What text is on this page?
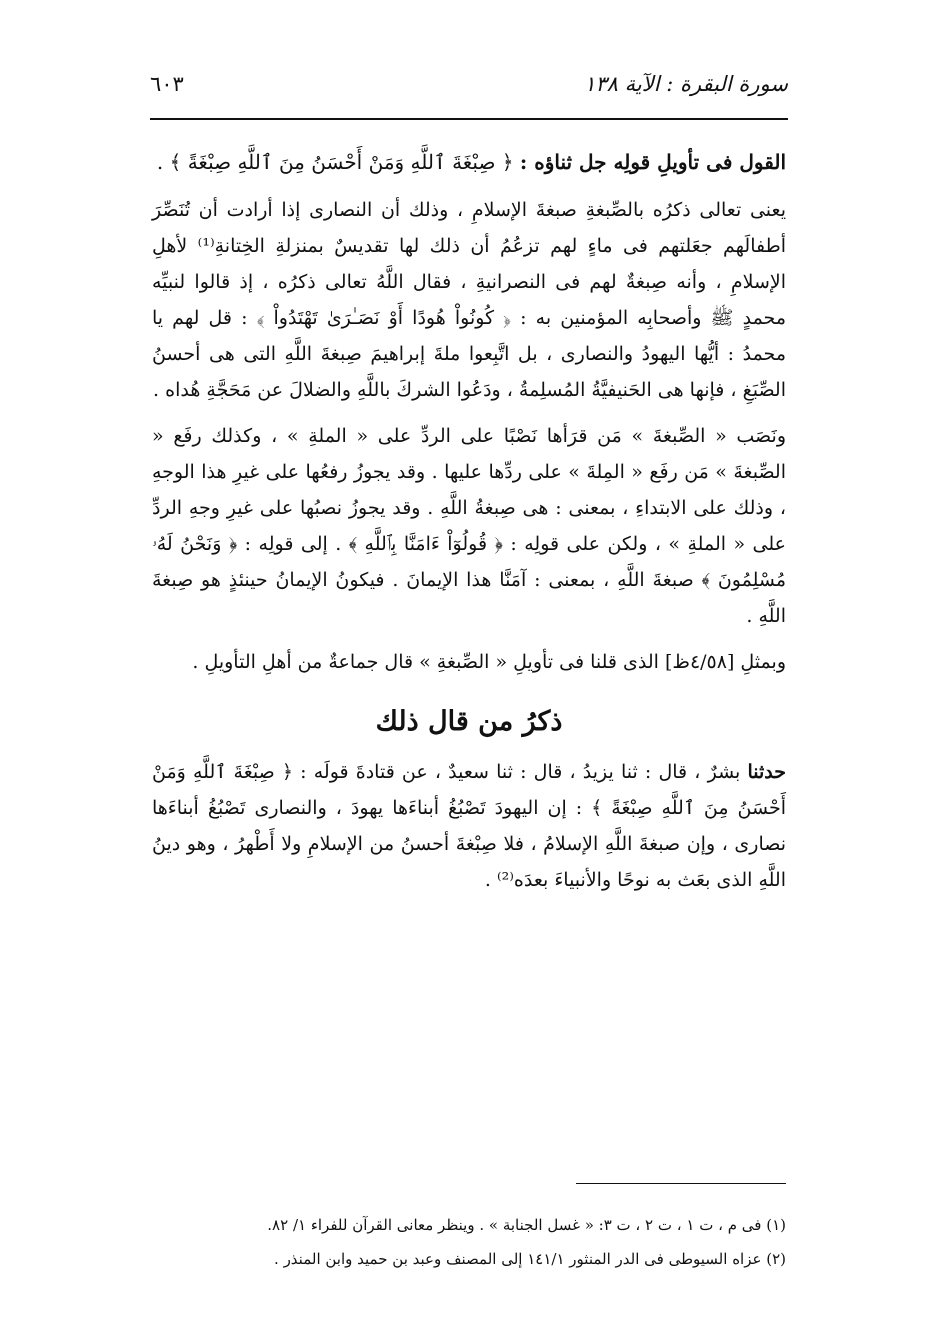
سورة البقرة : الآية ١٣٨
٦٠٣

القول فى تأويلِ قولِه جل ثناؤه : ﴿ صِبْغَةَ ٱللَّهِ وَمَنْ أَحْسَنُ مِنَ ٱللَّهِ صِبْغَةً ﴾ .

يعنى تعالى ذكرُه بالصِّبغةِ صبغةَ الإسلامِ ، وذلك أن النصارى إذا أرادت أن تُنَصِّرَ أطفالَهم جعَلتهم فى ماءٍ لهم تزعُمُ أن ذلك لها تقديسٌ بمنزلةِ الخِتانةِ⁽¹⁾ لأهلِ الإسلامِ ، وأنه صِبغةٌ لهم فى النصرانيةِ ، فقال اللَّهُ تعالى ذكرُه ، إذ قالوا لنبيِّه محمدٍ ﷺ وأصحابِه المؤمنين به : ﴿ كُونُواْ هُودًا أَوْ نَصَـٰرَىٰ تَهْتَدُواْ ﴾ : قل لهم يا محمدُ : أيُّها اليهودُ والنصارى ، بل اتَّبِعوا ملةَ إبراهيمَ صِبغةَ اللَّهِ التى هى أحسنُ الصِّبَغِ ، فإنها هى الحَنيفيَّةُ المُسلِمةُ ، ودَعُوا الشركَ باللَّهِ والضلالَ عن مَحَجَّةِ هُداه .

ونَصَب « الصِّبغةَ » مَن قرَأها نَصْبًا على الردِّ على « الملةِ » ، وكذلك رفَع « الصِّبغةَ » مَن رفَع « المِلةَ » على ردِّها عليها . وقد يجوزُ رفعُها على غيرِ هذا الوجهِ ، وذلك على الابتداءِ ، بمعنى : هى صِبغةُ اللَّهِ . وقد يجوزُ نصبُها على غيرِ وجهِ الردِّ على « الملةِ » ، ولكن على قولِه : ﴿ قُولُوٓاْ ءَامَنَّا بِٱللَّهِ ﴾ . إلى قولِه : ﴿ وَنَحْنُ لَهُۥ مُسْلِمُونَ ﴾ صبغةَ اللَّهِ ، بمعنى : آمَنَّا هذا الإيمانَ . فيكونُ الإيمانُ حينئذٍ هو صِبغةَ اللَّهِ .

وبمثلِ [٤/٥٨ظ] الذى قلنا فى تأويلِ « الصِّبغةِ » قال جماعةٌ من أهلِ التأويلِ .

ذكرُ من قال ذلك

حدثنا بشرٌ ، قال : ثنا يزيدُ ، قال : ثنا سعيدٌ ، عن قتادةَ قولَه : ﴿ صِبْغَةَ ٱللَّهِ وَمَنْ أَحْسَنُ مِنَ ٱللَّهِ صِبْغَةً ﴾ : إن اليهودَ تَصْبُغُ أبناءَها يهودَ ، والنصارى تَصْبُغُ أبناءَها نصارى ، وإن صبغةَ اللَّهِ الإسلامُ ، فلا صِبْغةَ أحسنُ من الإسلامِ ولا أَطْهرُ ، وهو دينُ اللَّهِ الذى بعَث به نوحًا والأنبياءَ بعدَه⁽²⁾ .

(١) فى م ، ت ١ ، ت ٢ ، ت ٣: « غسل الجنابة » . وينظر معانى القرآن للفراء ١/ ٨٢.

(٢) عزاه السيوطى فى الدر المنثور ١٤١/١ إلى المصنف وعبد بن حميد وابن المنذر .
